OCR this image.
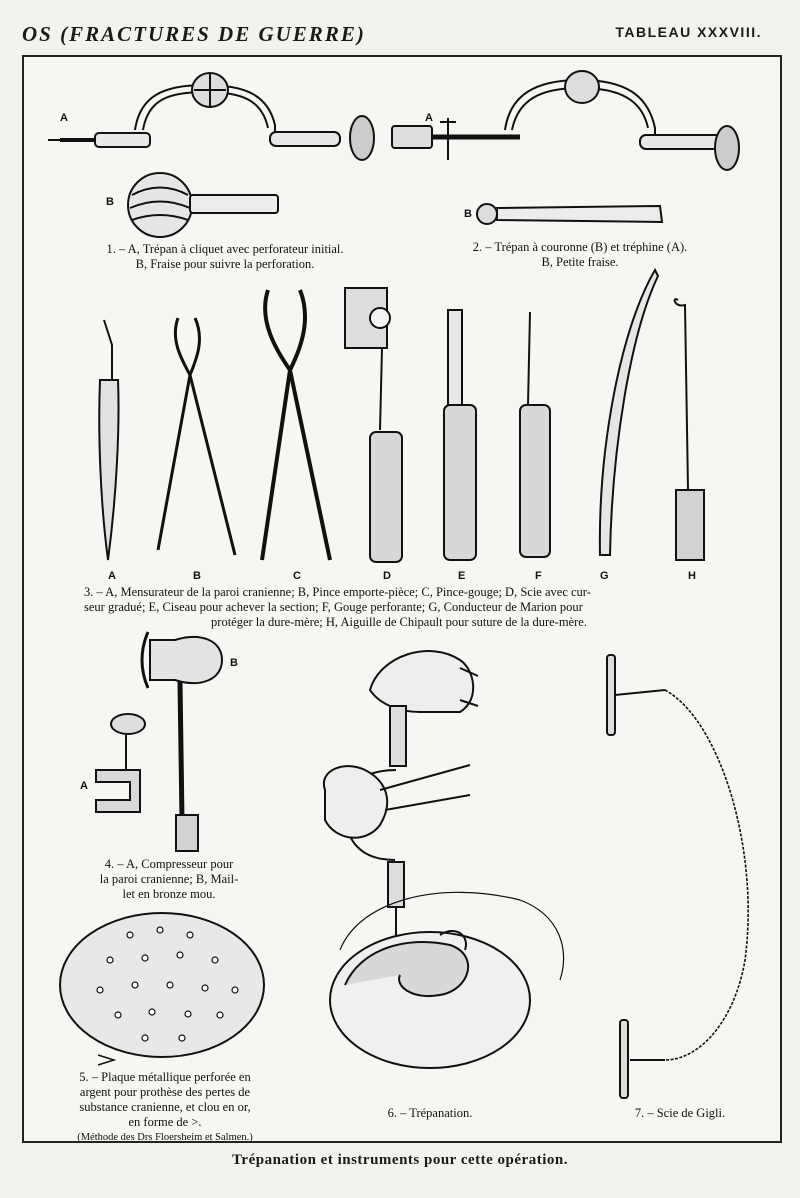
OS (FRACTURES DE GUERRE)	TABLEAU XXXVIII.
A
B
1. – A, Trépan à cliquet avec perforateur initial.
B, Fraise pour suivre la perforation.
A
B
2. – Trépan à couronne (B) et tréphine (A).
B, Petite fraise.
A	B	C	D	E	F	G	H
3. – A, Mensurateur de la paroi cranienne; B, Pince emporte-pièce; C, Pince-gouge; D, Scie avec cur-
seur gradué; E, Ciseau pour achever la section; F, Gouge perforante; G, Conducteur de Marion pour
protéger la dure-mère; H, Aiguille de Chipault pour suture de la dure-mère.
B
A
4. – A, Compresseur pour
la paroi cranienne; B, Mail-
let en bronze mou.
5. – Plaque métallique perforée en
argent pour prothèse des pertes de
substance cranienne, et clou en or,
en forme de >.
(Méthode des Drs Floersheim et Salmen.)
6. – Trépanation.	7. – Scie de Gigli.
Trépanation et instruments pour cette opération.
